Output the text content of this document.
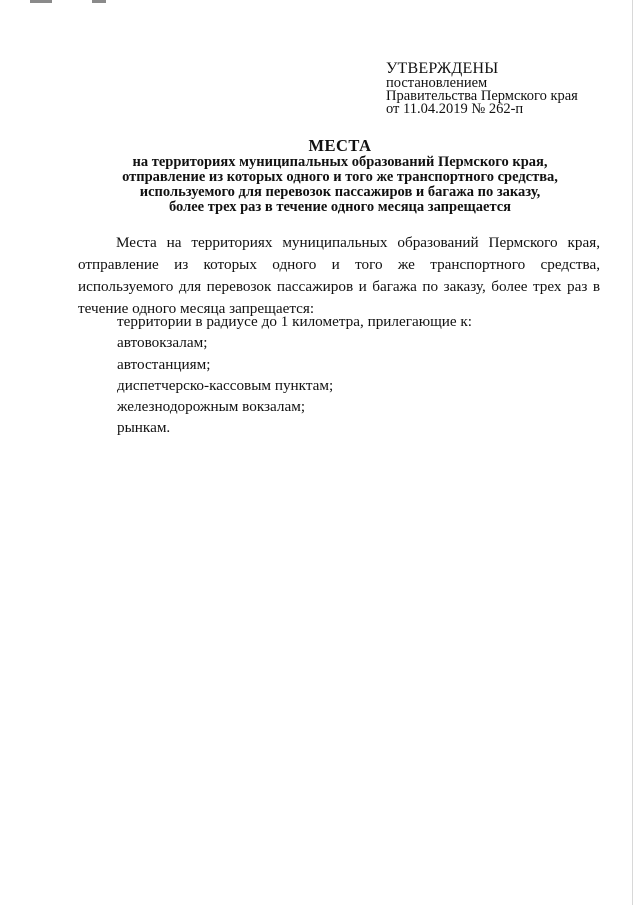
УТВЕРЖДЕНЫ
постановлением
Правительства Пермского края
от 11.04.2019 № 262-п
МЕСТА
на территориях муниципальных образований Пермского края,
отправление из которых одного и того же транспортного средства,
используемого для перевозок пассажиров и багажа по заказу,
более трех раз в течение одного месяца запрещается

Места на территориях муниципальных образований Пермского края, отправление из которых одного и того же транспортного средства, используемого для перевозок пассажиров и багажа по заказу, более трех раз в течение одного месяца запрещается:

территории в радиусе до 1 километра, прилегающие к:
автовокзалам;
автостанциям;
диспетчерско-кассовым пунктам;
железнодорожным вокзалам;
рынкам.
